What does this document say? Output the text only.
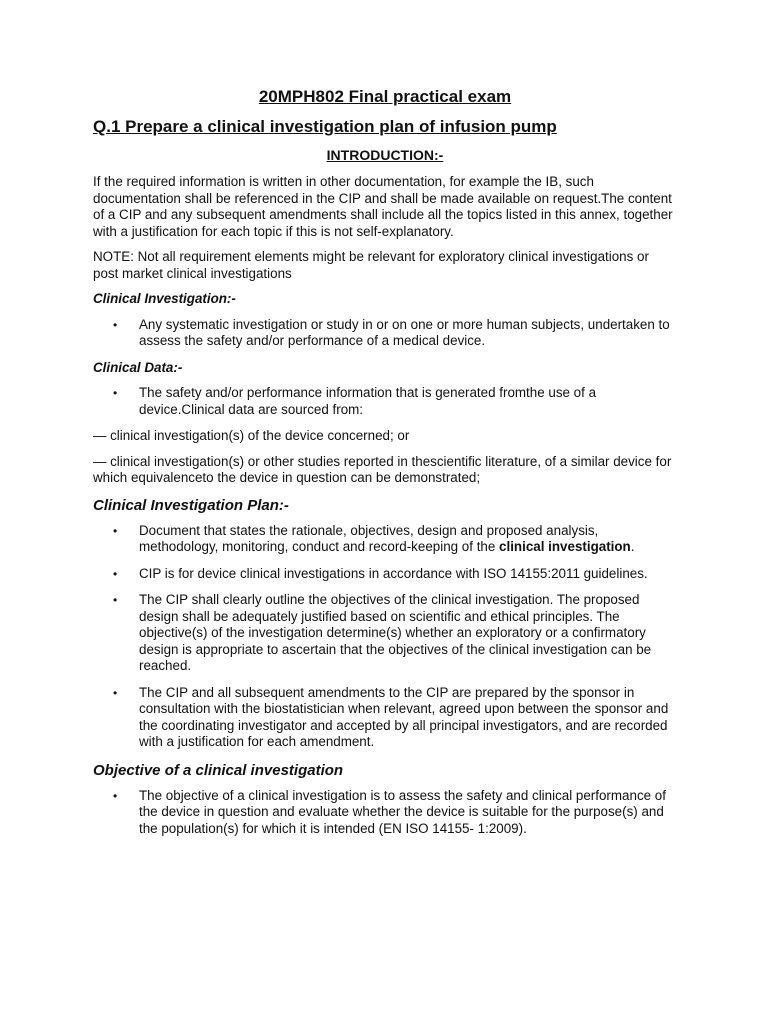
20MPH802 Final practical exam
Q.1 Prepare a clinical investigation plan of infusion pump
INTRODUCTION:-

If the required information is written in other documentation, for example the IB, such documentation shall be referenced in the CIP and shall be made available on request.The content of a CIP and any subsequent amendments shall include all the topics listed in this annex, together with a justification for each topic if this is not self-explanatory.

NOTE: Not all requirement elements might be relevant for exploratory clinical investigations or post market clinical investigations

Clinical Investigation:-
• Any systematic investigation or study in or on one or more human subjects, undertaken to assess the safety and/or performance of a medical device.
Clinical Data:-
• The safety and/or performance information that is generated fromthe use of a device.Clinical data are sourced from:

— clinical investigation(s) of the device concerned; or

— clinical investigation(s) or other studies reported in thescientific literature, of a similar device for which equivalenceto the device in question can be demonstrated;

Clinical Investigation Plan:-
• Document that states the rationale, objectives, design and proposed analysis, methodology, monitoring, conduct and record-keeping of the clinical investigation.
• CIP is for device clinical investigations in accordance with ISO 14155:2011 guidelines.
• The CIP shall clearly outline the objectives of the clinical investigation. The proposed design shall be adequately justified based on scientific and ethical principles. The objective(s) of the investigation determine(s) whether an exploratory or a confirmatory design is appropriate to ascertain that the objectives of the clinical investigation can be reached.
• The CIP and all subsequent amendments to the CIP are prepared by the sponsor in consultation with the biostatistician when relevant, agreed upon between the sponsor and the coordinating investigator and accepted by all principal investigators, and are recorded with a justification for each amendment.
Objective of a clinical investigation
• The objective of a clinical investigation is to assess the safety and clinical performance of the device in question and evaluate whether the device is suitable for the purpose(s) and the population(s) for which it is intended (EN ISO 14155- 1:2009).
